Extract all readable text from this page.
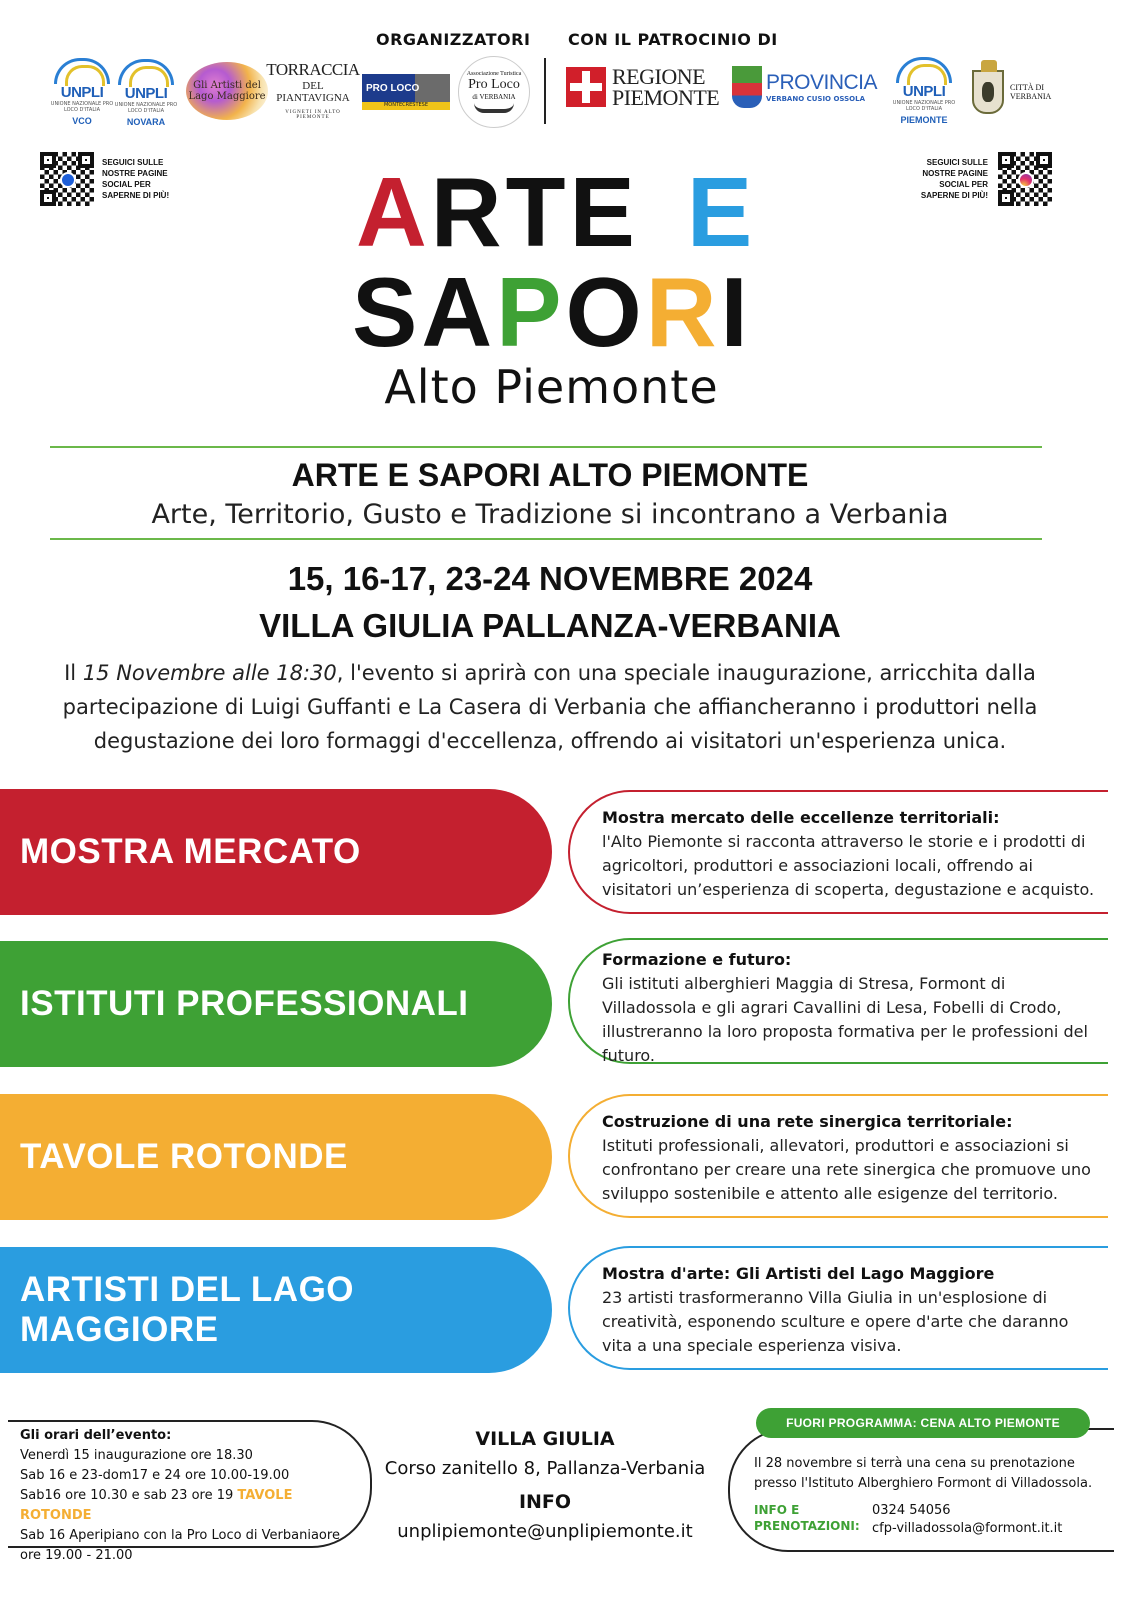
ORGANIZZATORI CON IL PATROCINIO DI
UNPLI
UNIONE NAZIONALE PRO LOCO D'ITALIA
VCO
UNPLI
UNIONE NAZIONALE PRO LOCO D'ITALIA
NOVARA
Gli Artisti del Lago Maggiore
TORRACCIA
DEL PIANTAVIGNA
VIGNETI IN ALTO PIEMONTE
PRO LOCO
MONTECRESTESE
Associazione Turistica
Pro Loco
di VERBANIA
REGIONE
PIEMONTE
PROVINCIA
VERBANO CUSIO OSSOLA	UNPLI
UNIONE NAZIONALE PRO LOCO D'ITALIA
PIEMONTE
CITTÀ DI
VERBANIA
SEGUICI SULLE
NOSTRE PAGINE
SOCIAL PER
SAPERNE DI PIÙ!
SEGUICI SULLE
NOSTRE PAGINE
SOCIAL PER
SAPERNE DI PIÙ!
ARTE E
SAPORI
Alto Piemonte
ARTE E SAPORI ALTO PIEMONTE
Arte, Territorio, Gusto e Tradizione si incontrano a Verbania
15, 16-17, 23-24 NOVEMBRE 2024
VILLA GIULIA PALLANZA-VERBANIA
Il 15 Novembre alle 18:30, l'evento si aprirà con una speciale inaugurazione, arricchita dalla partecipazione di Luigi Guffanti e La Casera di Verbania che affiancheranno i produttori nella degustazione dei loro formaggi d'eccellenza, offrendo ai visitatori un'esperienza unica.
MOSTRA MERCATO
Mostra mercato delle eccellenze territoriali:
l'Alto Piemonte si racconta attraverso le storie e i prodotti di agricoltori, produttori e associazioni locali, offrendo ai visitatori un’esperienza di scoperta, degustazione e acquisto.
ISTITUTI PROFESSIONALI
Formazione e futuro:
Gli istituti alberghieri Maggia di Stresa, Formont di Villadossola e gli agrari Cavallini di Lesa, Fobelli di Crodo, illustreranno la loro proposta formativa per le professioni del futuro.
TAVOLE ROTONDE
Costruzione di una rete sinergica territoriale:
Istituti professionali, allevatori, produttori e associazioni si confrontano per creare una rete sinergica che promuove uno sviluppo sostenibile e attento alle esigenze del territorio.
ARTISTI DEL LAGO MAGGIORE
Mostra d'arte: Gli Artisti del Lago Maggiore
23 artisti trasformeranno Villa Giulia in un'esplosione di creatività, esponendo sculture e opere d'arte che daranno vita a una speciale esperienza visiva.
Gli orari dell’evento:
Venerdì 15 inaugurazione ore 18.30
Sab 16 e 23-dom17 e 24 ore 10.00-19.00
Sab16 ore 10.30 e sab 23 ore 19 TAVOLE ROTONDE
Sab 16 Aperipiano con la Pro Loco di Verbaniaore
ore 19.00 - 21.00
VILLA GIULIA
Corso zanitello 8, Pallanza-Verbania
INFO
unplipiemonte@unplipiemonte.it
Il 28 novembre si terrà una cena su prenotazione presso l'Istituto Alberghiero Formont di Villadossola.
INFO E
PRENOTAZIONI:
0324 54056
cfp-villadossola@formont.it.it
FUORI PROGRAMMA: CENA ALTO PIEMONTE
